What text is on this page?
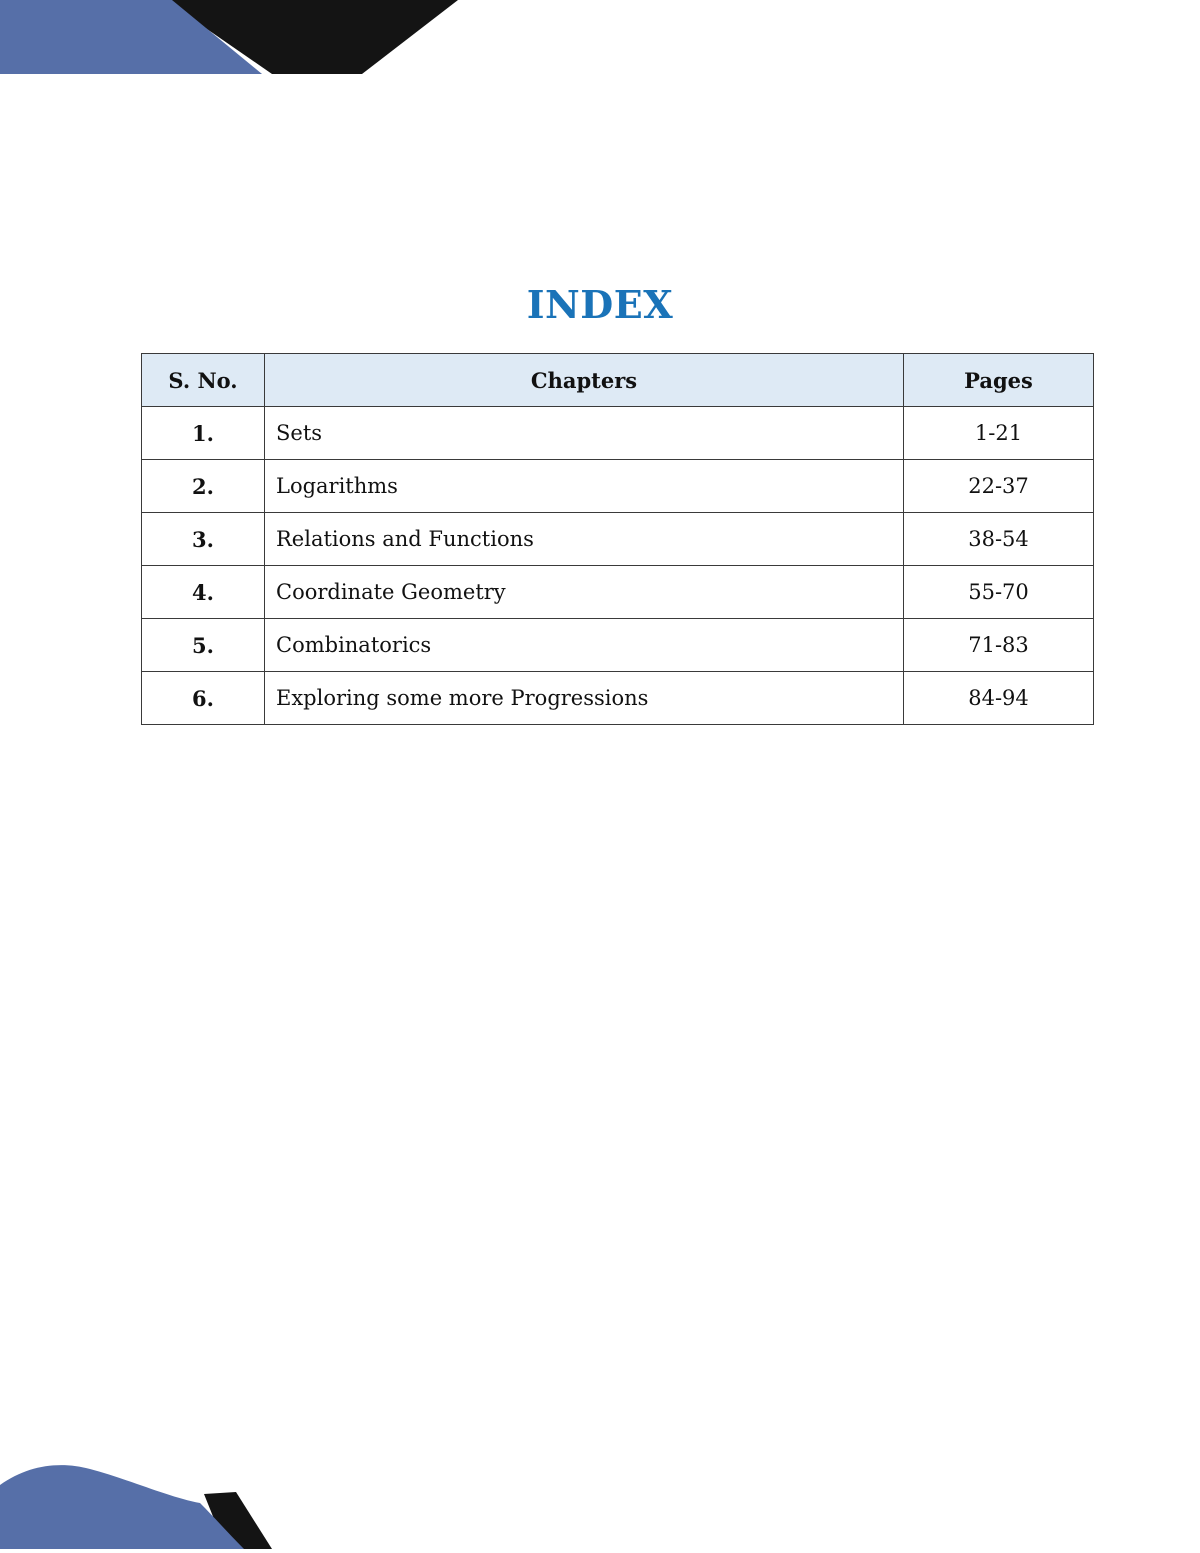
INDEX
S. No.	Chapters	Pages
1.	Sets	1-21
2.	Logarithms	22-37
3.	Relations and Functions	38-54
4.	Coordinate Geometry	55-70
5.	Combinatorics	71-83
6.	Exploring some more Progressions	84-94
